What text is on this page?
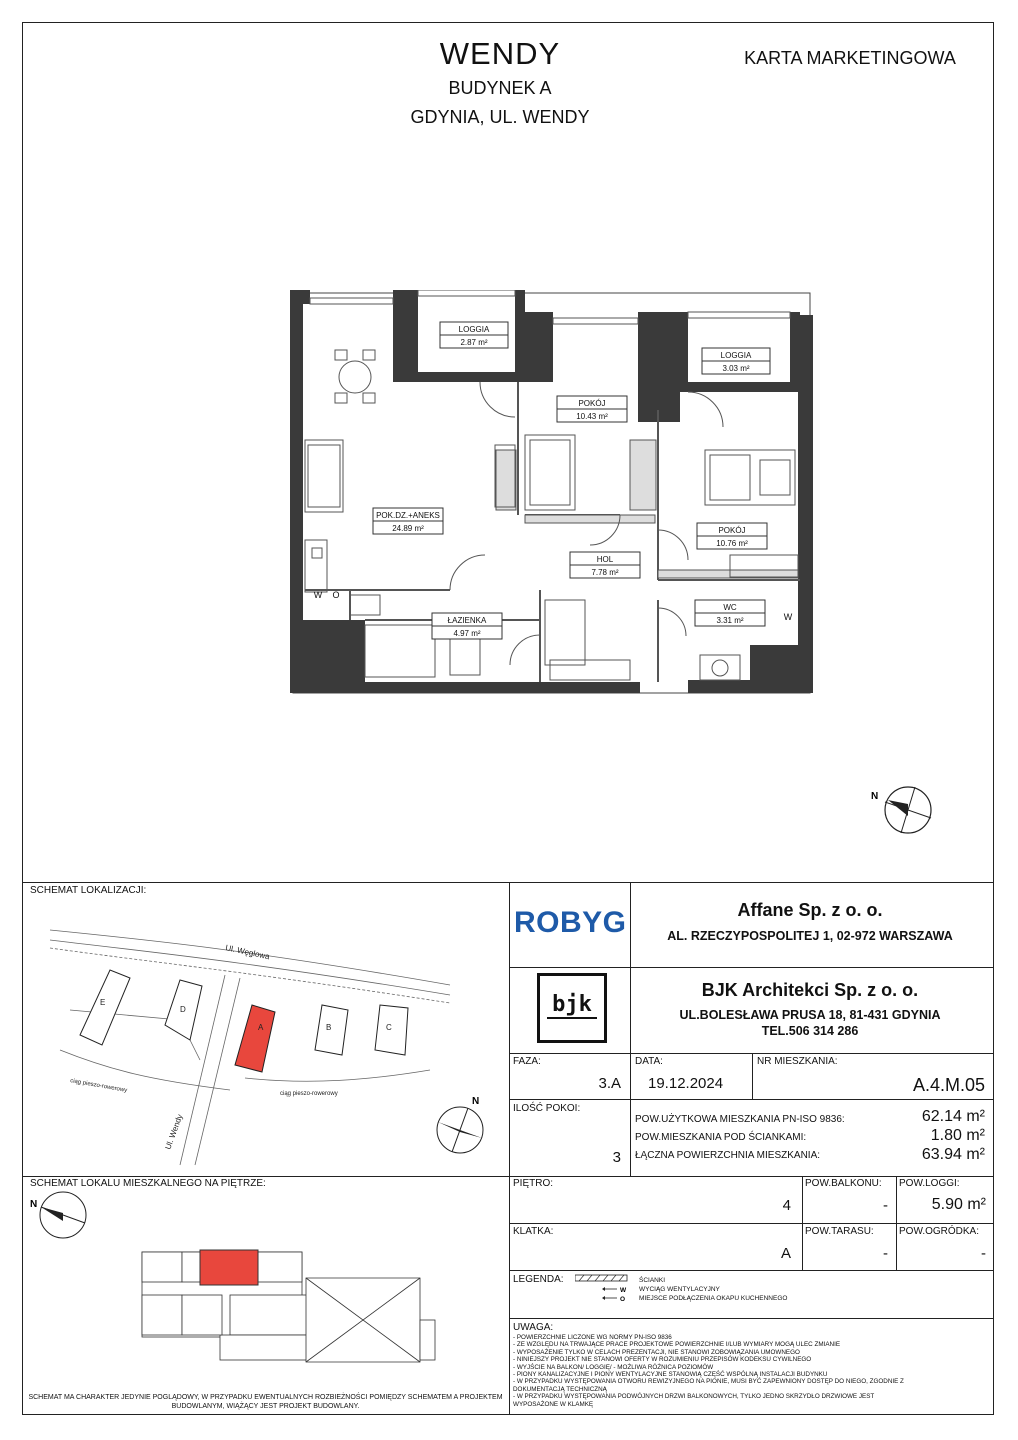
WENDY
BUDYNEK A
GDYNIA, UL. WENDY
KARTA MARKETINGOWA
LOGGIA
2.87 m²
LOGGIA
3.03 m²
POKÓJ
10.43 m²
POK.DZ.+ANEKS
24.89 m²	POKÓJ
10.76 m²
HOL
7.78 m²
ŁAZIENKA
4.97 m²
WC
3.31 m²
W O
W
N
SCHEMAT LOKALIZACJI:
Ul. Węglowa
Ul. Wendy
ciąg pieszo-rowerowy
ciąg pieszo-rowerowy
E
D
A	B	C
N
SCHEMAT LOKALU MIESZKALNEGO NA PIĘTRZE:
N
SCHEMAT MA CHARAKTER JEDYNIE POGLĄDOWY, W PRZYPADKU EWENTUALNYCH ROZBIEŻNOŚCI POMIĘDZY SCHEMATEM A PROJEKTEM BUDOWLANYM, WIĄŻĄCY JEST PROJEKT BUDOWLANY.
ROBYG	Affane Sp. z o. o.
AL. RZECZYPOSPOLITEJ 1, 02-972 WARSZAWA
bjk
BJK Architekci Sp. z o. o.
UL.BOLESŁAWA PRUSA 18, 81-431 GDYNIA
TEL.506 314 286
FAZA:
3.A
DATA:
19.12.2024
NR MIESZKANIA:
A.4.M.05
ILOŚĆ POKOI:
3
POW.UŻYTKOWA MIESZKANIA PN-ISO 9836:	62.14 m²
POW.MIESZKANIA POD ŚCIANKAMI:	1.80 m²
ŁĄCZNA POWIERZCHNIA MIESZKANIA:	63.94 m²
PIĘTRO:
4
POW.BALKONU:
-
POW.LOGGI:
5.90 m²
KLATKA:
A
POW.TARASU:
-
POW.OGRÓDKA:
-
LEGENDA:
W
O
ŚCIANKI
WYCIĄG WENTYLACYJNY
MIEJSCE PODŁĄCZENIA OKAPU KUCHENNEGO
UWAGA:
- POWIERZCHNIE LICZONE WG NORMY PN-ISO 9836
- ZE WZGLĘDU NA TRWAJĄCE PRACE PROJEKTOWE POWIERZCHNIE I/LUB WYMIARY MOGĄ ULEC ZMIANIE
- WYPOSAŻENIE TYLKO W CELACH PREZENTACJI, NIE STANOWI ZOBOWIĄZANIA UMOWNEGO
- NINIEJSZY PROJEKT NIE STANOWI OFERTY W ROZUMIENIU PRZEPISÓW KODEKSU CYWILNEGO
- WYJŚCIE NA BALKON/ LOGGIĘ/ - MOŻLIWA RÓŻNICA POZIOMÓW
- PIONY KANALIZACYJNE I PIONY WENTYLACYJNE STANOWIĄ CZĘŚĆ WSPÓLNĄ INSTALACJI BUDYNKU
- W PRZYPADKU WYSTĘPOWANIA OTWORU REWIZYJNEGO NA PIONIE, MUSI BYĆ ZAPEWNIONY DOSTĘP DO NIEGO, ZGODNIE Z DOKUMENTACJĄ TECHNICZNĄ
- W PRZYPADKU WYSTĘPOWANIA PODWÓJNYCH DRZWI BALKONOWYCH, TYLKO JEDNO SKRZYDŁO DRZWIOWE JEST WYPOSAŻONE W KLAMKĘ
